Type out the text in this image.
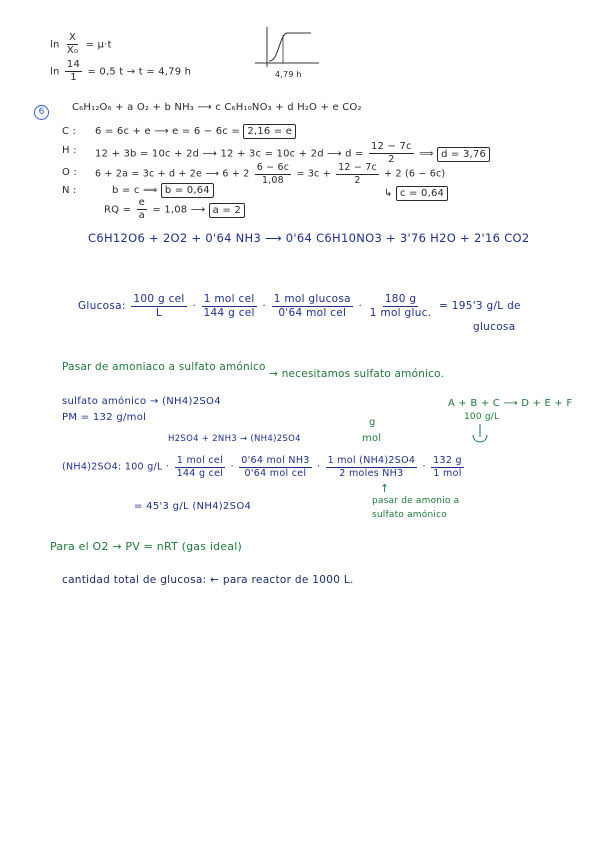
$\ln \frac{X}{\text{X₀}} = \mu\cdot t$
$\ln \frac{14}{1} = 0,5$ t → t = 4,79 h	4,79 h
6	C₆H₁₂O₆ + a O₂ + b NH₃ ⟶ c C₆H₁₀NO₃ + d H₂O + e CO₂
C : 6 = 6c + e ⟶ e = 6 − 6c = 2,16 = e
H : 12 + 3b = 10c + 2d ⟶ 12 + 3c = 10c + 2d ⟶ $d = \frac{12 - 7c}{2}$ ⟹ d = 3,76
O : 6 + 2a = 3c + d + 2e ⟶ $6 + 2 \frac{6 - 6c}{1,08} = 3c + \frac{12 - 7c}{2} + 2$ (6 − 6c)
N :	b = c ⟹ b = 0,64	↳ c = 0,64
RQ = $\frac{e}{a} = 1,08$ ⟶ a = 2
C6H12O6 + 2O2 + 0'64 NH3 ⟶ 0'64 C6H10NO3 + 3'76 H2O + 2'16 CO2
Glucosa: $\frac{\text{100 g cel}}{L} \cdot \frac{\text{1 mol cel}}{\text{144 g cel}} \cdot \frac{\text{1 mol glucosa}}{\text{0'64 mol cel}} \cdot \frac{180 g}{\text{1 mol gluc.}} = 195'3$ g/L de
glucosa
Pasar de amoniaco a sulfato amónico → necesitamos sulfato amónico.
sulfato amónico → (NH4)2SO4
PM = 132 g/mol
H2SO4 + 2NH3 → (NH4)2SO4
A + B + C ⟶ D + E + F
100 g/L
g
mol
(NH4)2SO4: 100 $g/L \cdot \frac{\text{1 mol cel}}{\text{144 g cel}} \cdot \frac{\text{0'64 mol NH3}}{\text{0'64 mol cel}} \cdot \frac{\text{1 mol (NH4)2SO4}}{\text{2 moles NH3}} \cdot \frac{132 g}{\text{1 mol}}$
= 45'3 g/L (NH4)2SO4
↑
pasar de amonio a
sulfato amónico
Para el O2 → PV = nRT (gas ideal)
cantidad total de glucosa: ← para reactor de 1000 L.
